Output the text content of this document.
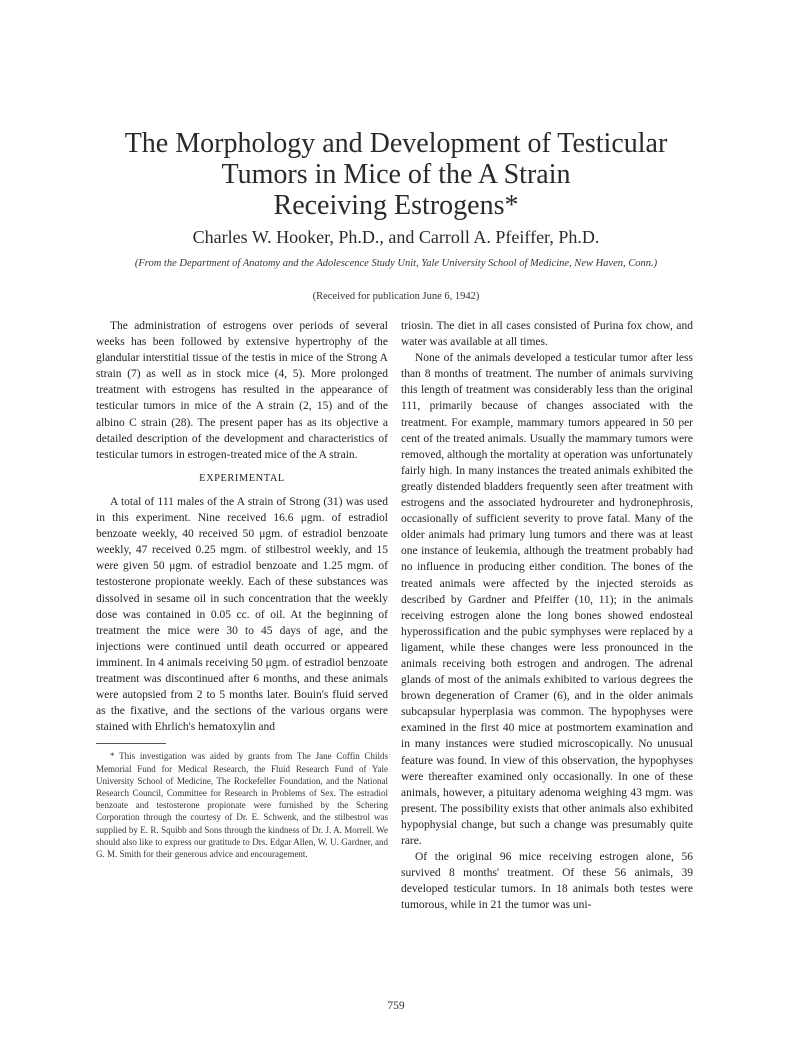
The Morphology and Development of Testicular
Tumors in Mice of the A Strain
Receiving Estrogens*
Charles W. Hooker, Ph.D., and Carroll A. Pfeiffer, Ph.D.
(From the Department of Anatomy and the Adolescence Study Unit, Yale University School of Medicine, New Haven, Conn.)
(Received for publication June 6, 1942)

The administration of estrogens over periods of several weeks has been followed by extensive hypertrophy of the glandular interstitial tissue of the testis in mice of the Strong A strain (7) as well as in stock mice (4, 5). More prolonged treatment with estrogens has resulted in the appearance of testicular tumors in mice of the A strain (2, 15) and of the albino C strain (28). The present paper has as its objective a detailed description of the development and characteristics of testicular tumors in estrogen-treated mice of the A strain.

EXPERIMENTAL

A total of 111 males of the A strain of Strong (31) was used in this experiment. Nine received 16.6 μgm. of estradiol benzoate weekly, 40 received 50 μgm. of estradiol benzoate weekly, 47 received 0.25 mgm. of stilbestrol weekly, and 15 were given 50 μgm. of estradiol benzoate and 1.25 mgm. of testosterone propionate weekly. Each of these substances was dissolved in sesame oil in such concentration that the weekly dose was contained in 0.05 cc. of oil. At the beginning of treatment the mice were 30 to 45 days of age, and the injections were continued until death occurred or appeared imminent. In 4 animals receiving 50 μgm. of estradiol benzoate treatment was discontinued after 6 months, and these animals were autopsied from 2 to 5 months later. Bouin's fluid served as the fixative, and the sections of the various organs were stained with Ehrlich's hematoxylin and

* This investigation was aided by grants from The Jane Coffin Childs Memorial Fund for Medical Research, the Fluid Research Fund of Yale University School of Medicine, The Rockefeller Foundation, and the National Research Council, Committee for Research in Problems of Sex. The estradiol benzoate and testosterone propionate were furnished by the Schering Corporation through the courtesy of Dr. E. Schwenk, and the stilbestrol was supplied by E. R. Squibb and Sons through the kindness of Dr. J. A. Morrell. We should also like to express our gratitude to Drs. Edgar Allen, W. U. Gardner, and G. M. Smith for their generous advice and encouragement.

triosin. The diet in all cases consisted of Purina fox chow, and water was available at all times.

None of the animals developed a testicular tumor after less than 8 months of treatment. The number of animals surviving this length of treatment was considerably less than the original 111, primarily because of changes associated with the treatment. For example, mammary tumors appeared in 50 per cent of the treated animals. Usually the mammary tumors were removed, although the mortality at operation was unfortunately fairly high. In many instances the treated animals exhibited the greatly distended bladders frequently seen after treatment with estrogens and the associated hydroureter and hydronephrosis, occasionally of sufficient severity to prove fatal. Many of the older animals had primary lung tumors and there was at least one instance of leukemia, although the treatment probably had no influence in producing either condition. The bones of the treated animals were affected by the injected steroids as described by Gardner and Pfeiffer (10, 11); in the animals receiving estrogen alone the long bones showed endosteal hyperossification and the pubic symphyses were replaced by a ligament, while these changes were less pronounced in the animals receiving both estrogen and androgen. The adrenal glands of most of the animals exhibited to various degrees the brown degeneration of Cramer (6), and in the older animals subcapsular hyperplasia was common. The hypophyses were examined in the first 40 mice at postmortem examination and in many instances were studied microscopically. No unusual feature was found. In view of this observation, the hypophyses were thereafter examined only occasionally. In one of these animals, however, a pituitary adenoma weighing 43 mgm. was present. The possibility exists that other animals also exhibited hypophysial change, but such a change was presumably quite rare.

Of the original 96 mice receiving estrogen alone, 56 survived 8 months' treatment. Of these 56 animals, 39 developed testicular tumors. In 18 animals both testes were tumorous, while in 21 the tumor was uni-

759
